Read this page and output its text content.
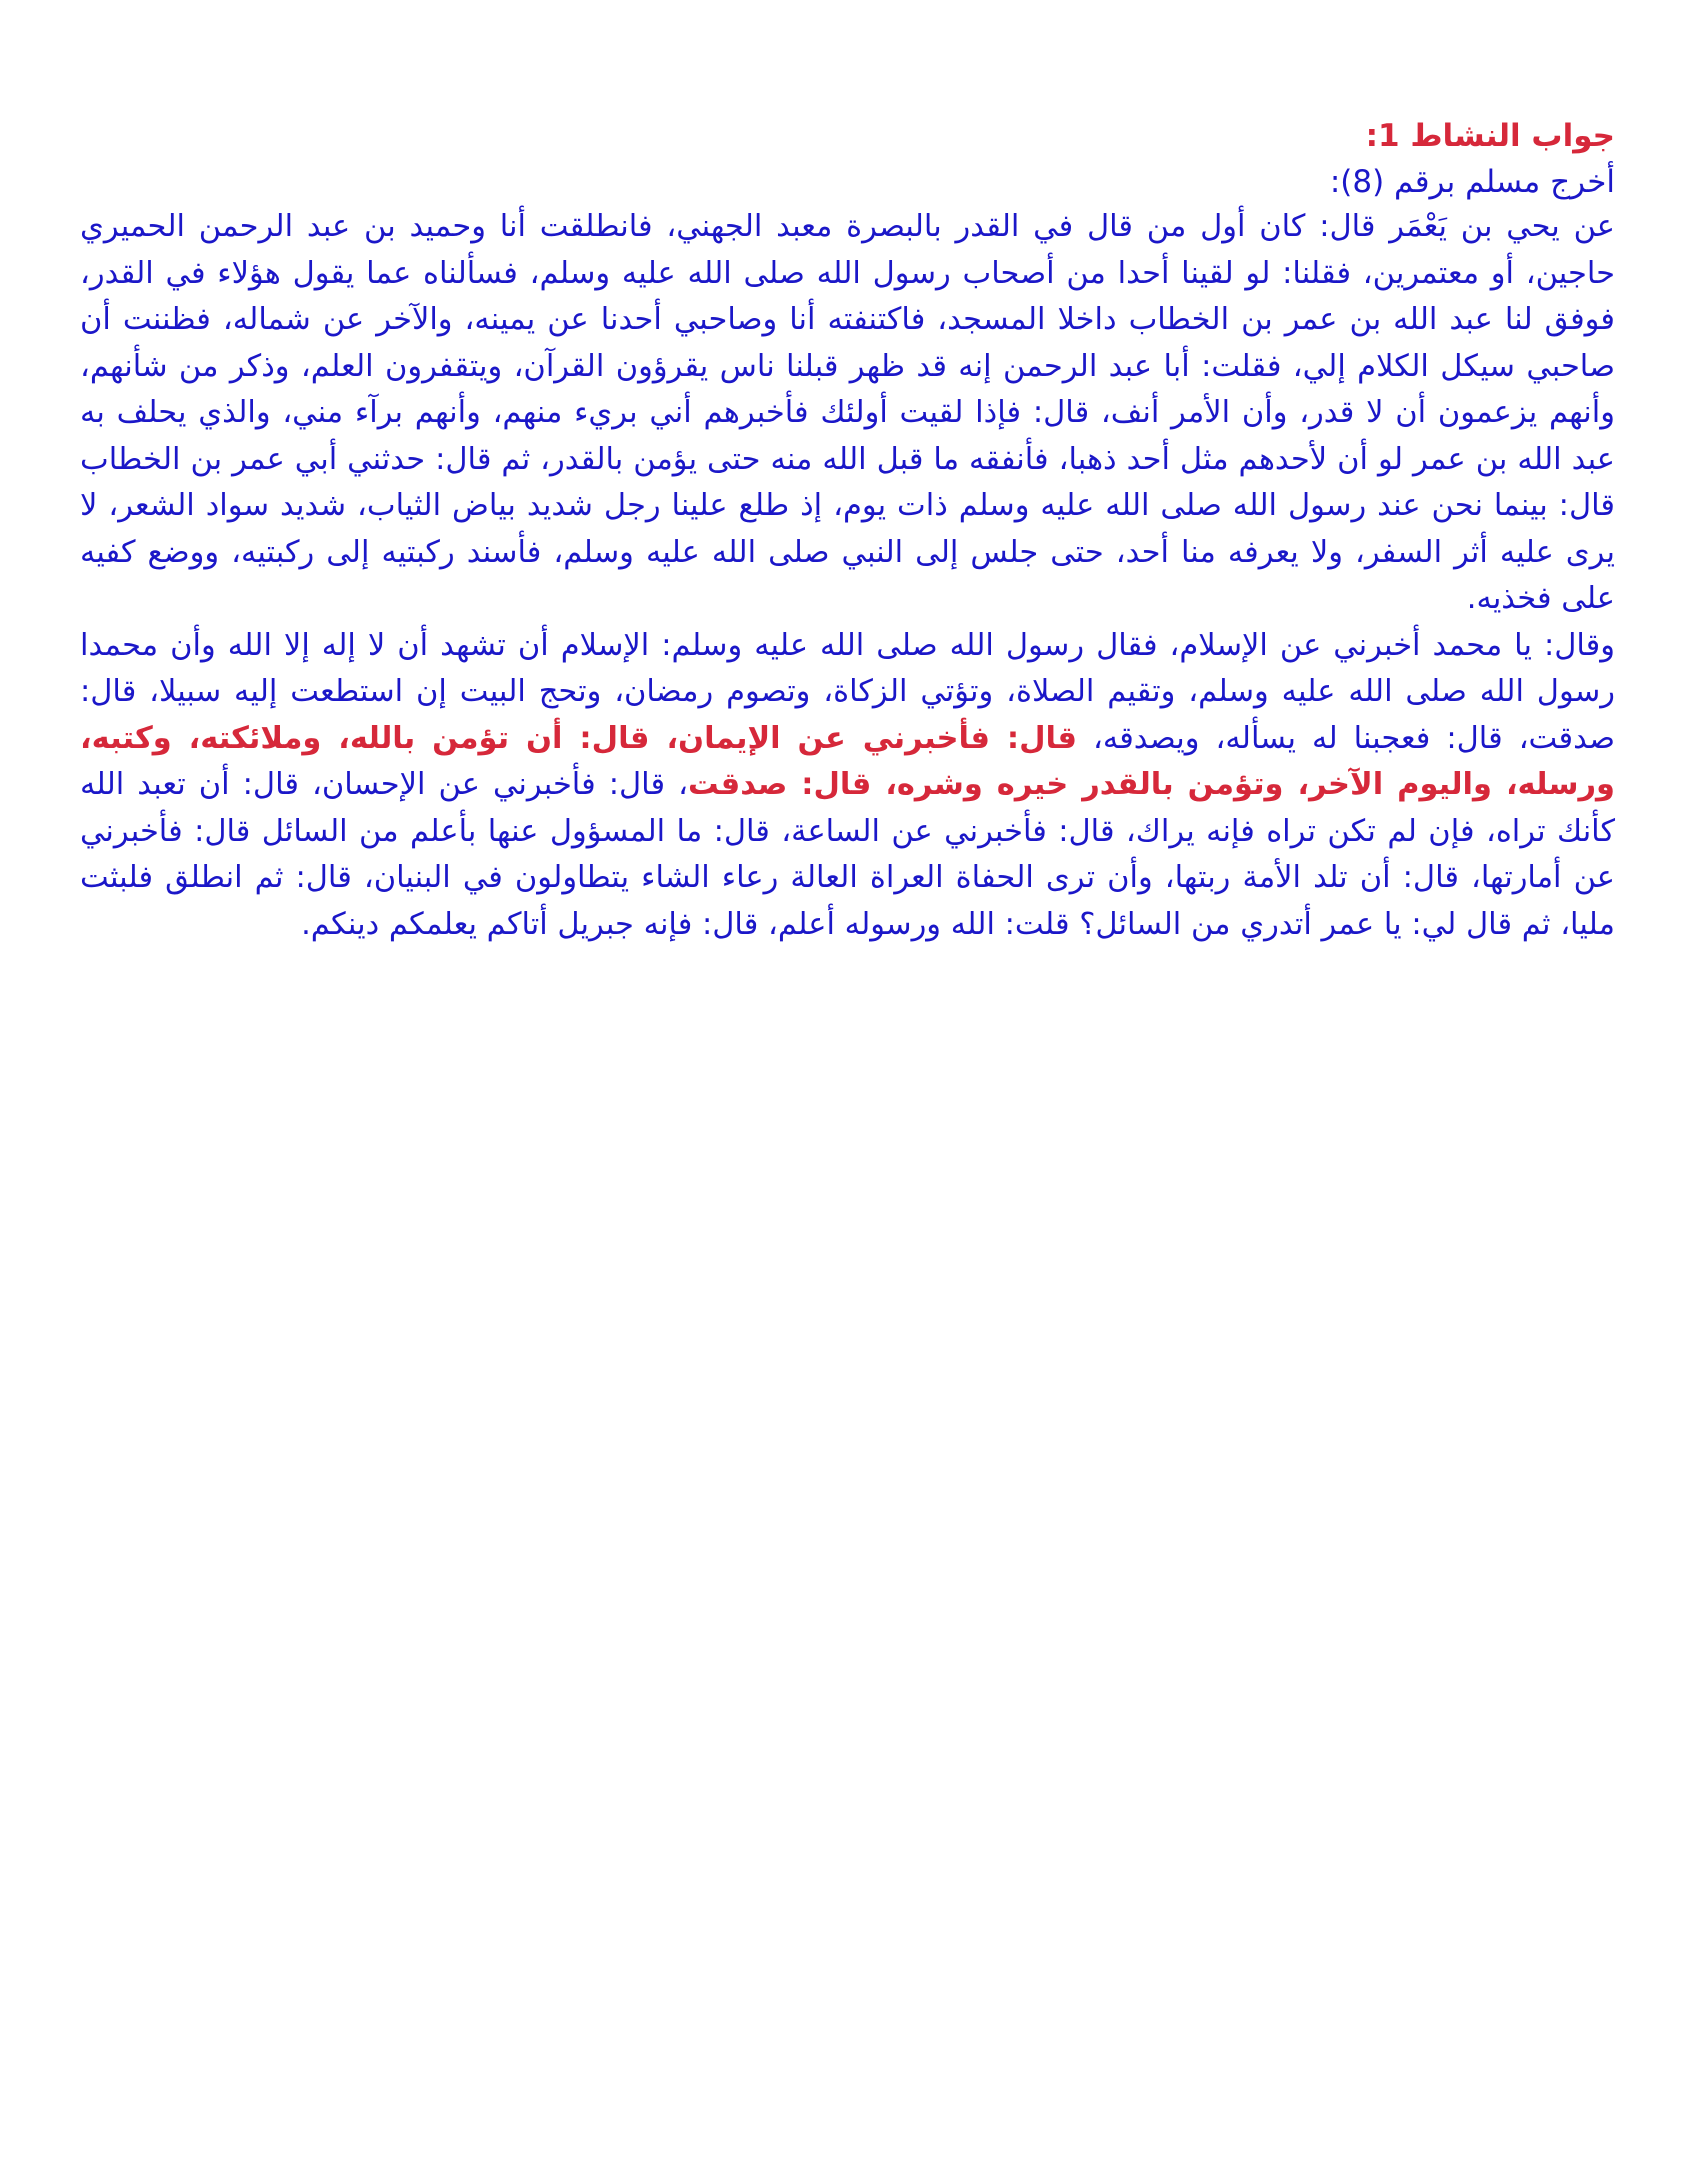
جواب النشاط 1:

أخرج مسلم برقم (8):

عن يحي بن يَعْمَر قال: كان أول من قال في القدر بالبصرة معبد الجهني، فانطلقت أنا وحميد بن عبد الرحمن الحميري حاجين، أو معتمرين، فقلنا: لو لقينا أحدا من أصحاب رسول الله صلى الله عليه وسلم، فسألناه عما يقول هؤلاء في القدر، فوفق لنا عبد الله بن عمر بن الخطاب داخلا المسجد، فاكتنفته أنا وصاحبي أحدنا عن يمينه، والآخر عن شماله، فظننت أن صاحبي سيكل الكلام إلي، فقلت: أبا عبد الرحمن إنه قد ظهر قبلنا ناس يقرؤون القرآن، ويتقفرون العلم، وذكر من شأنهم، وأنهم يزعمون أن لا قدر، وأن الأمر أنف، قال: فإذا لقيت أولئك فأخبرهم أني بريء منهم، وأنهم برآء مني، والذي يحلف به عبد الله بن عمر لو أن لأحدهم مثل أحد ذهبا، فأنفقه ما قبل الله منه حتى يؤمن بالقدر، ثم قال: حدثني أبي عمر بن الخطاب قال: بينما نحن عند رسول الله صلى الله عليه وسلم ذات يوم، إذ طلع علينا رجل شديد بياض الثياب، شديد سواد الشعر، لا يرى عليه أثر السفر، ولا يعرفه منا أحد، حتى جلس إلى النبي صلى الله عليه وسلم، فأسند ركبتيه إلى ركبتيه، ووضع كفيه على فخذيه.

وقال: يا محمد أخبرني عن الإسلام، فقال رسول الله صلى الله عليه وسلم: الإسلام أن تشهد أن لا إله إلا الله وأن محمدا رسول الله صلى الله عليه وسلم، وتقيم الصلاة، وتؤتي الزكاة، وتصوم رمضان، وتحج البيت إن استطعت إليه سبيلا، قال: صدقت، قال: فعجبنا له يسأله، ويصدقه، قال: فأخبرني عن الإيمان، قال: أن تؤمن بالله، وملائكته، وكتبه، ورسله، واليوم الآخر، وتؤمن بالقدر خيره وشره، قال: صدقت، قال: فأخبرني عن الإحسان، قال: أن تعبد الله كأنك تراه، فإن لم تكن تراه فإنه يراك، قال: فأخبرني عن الساعة، قال: ما المسؤول عنها بأعلم من السائل قال: فأخبرني عن أمارتها، قال: أن تلد الأمة ربتها، وأن ترى الحفاة العراة العالة رعاء الشاء يتطاولون في البنيان، قال: ثم انطلق فلبثت مليا، ثم قال لي: يا عمر أتدري من السائل؟ قلت: الله ورسوله أعلم، قال: فإنه جبريل أتاكم يعلمكم دينكم.
